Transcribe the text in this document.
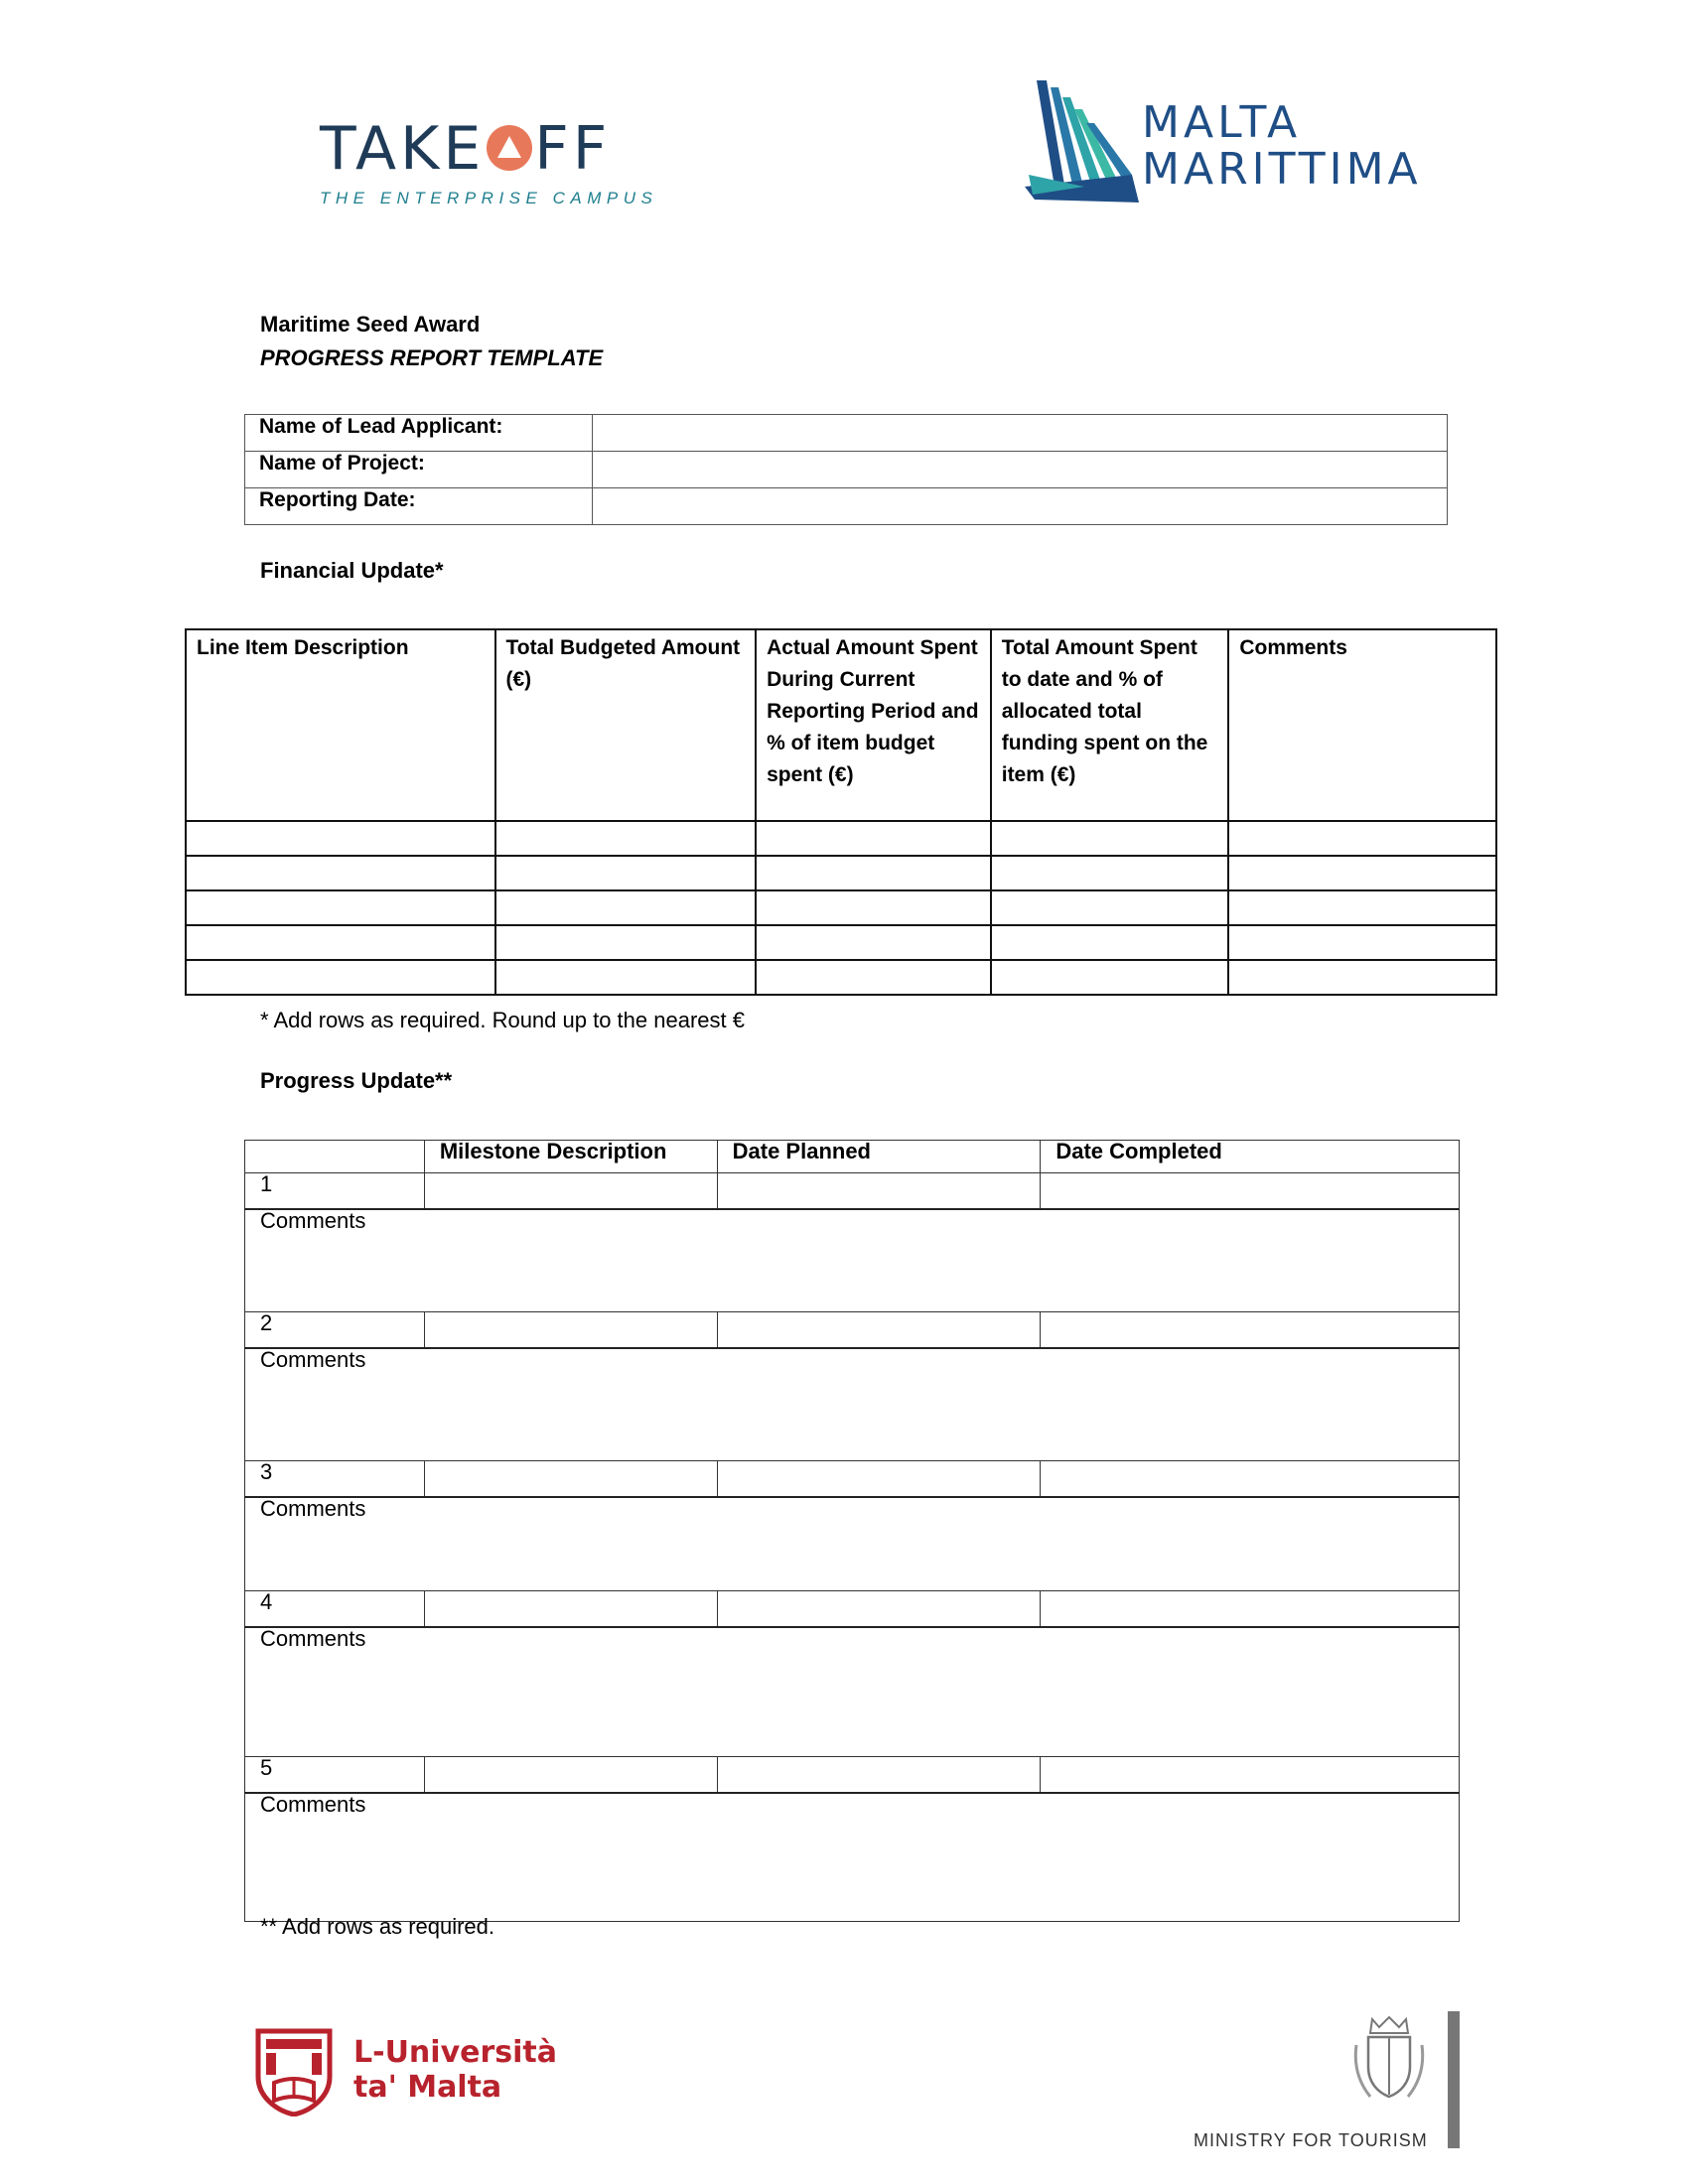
TAKE FF
THE ENTERPRISE CAMPUS
MALTA
MARITTIMA
Maritime Seed Award
PROGRESS REPORT TEMPLATE
Name of Lead Applicant:	
Name of Project:	
Reporting Date:	
Financial Update*
Line Item Description	Total Budgeted Amount (€)	Actual Amount Spent During Current Reporting Period and % of item budget spent (€)	Total Amount Spent to date and % of allocated total funding spent on the item (€)	Comments

* Add rows as required. Round up to the nearest €
Progress Update**
	Milestone Description	Date Planned	Date Completed
1			
Comments			
2			
Comments			
3			
Comments			
4			
Comments			
5			
Comments			
** Add rows as required.
L-Università
ta' Malta
MINISTRY FOR TOURISM
